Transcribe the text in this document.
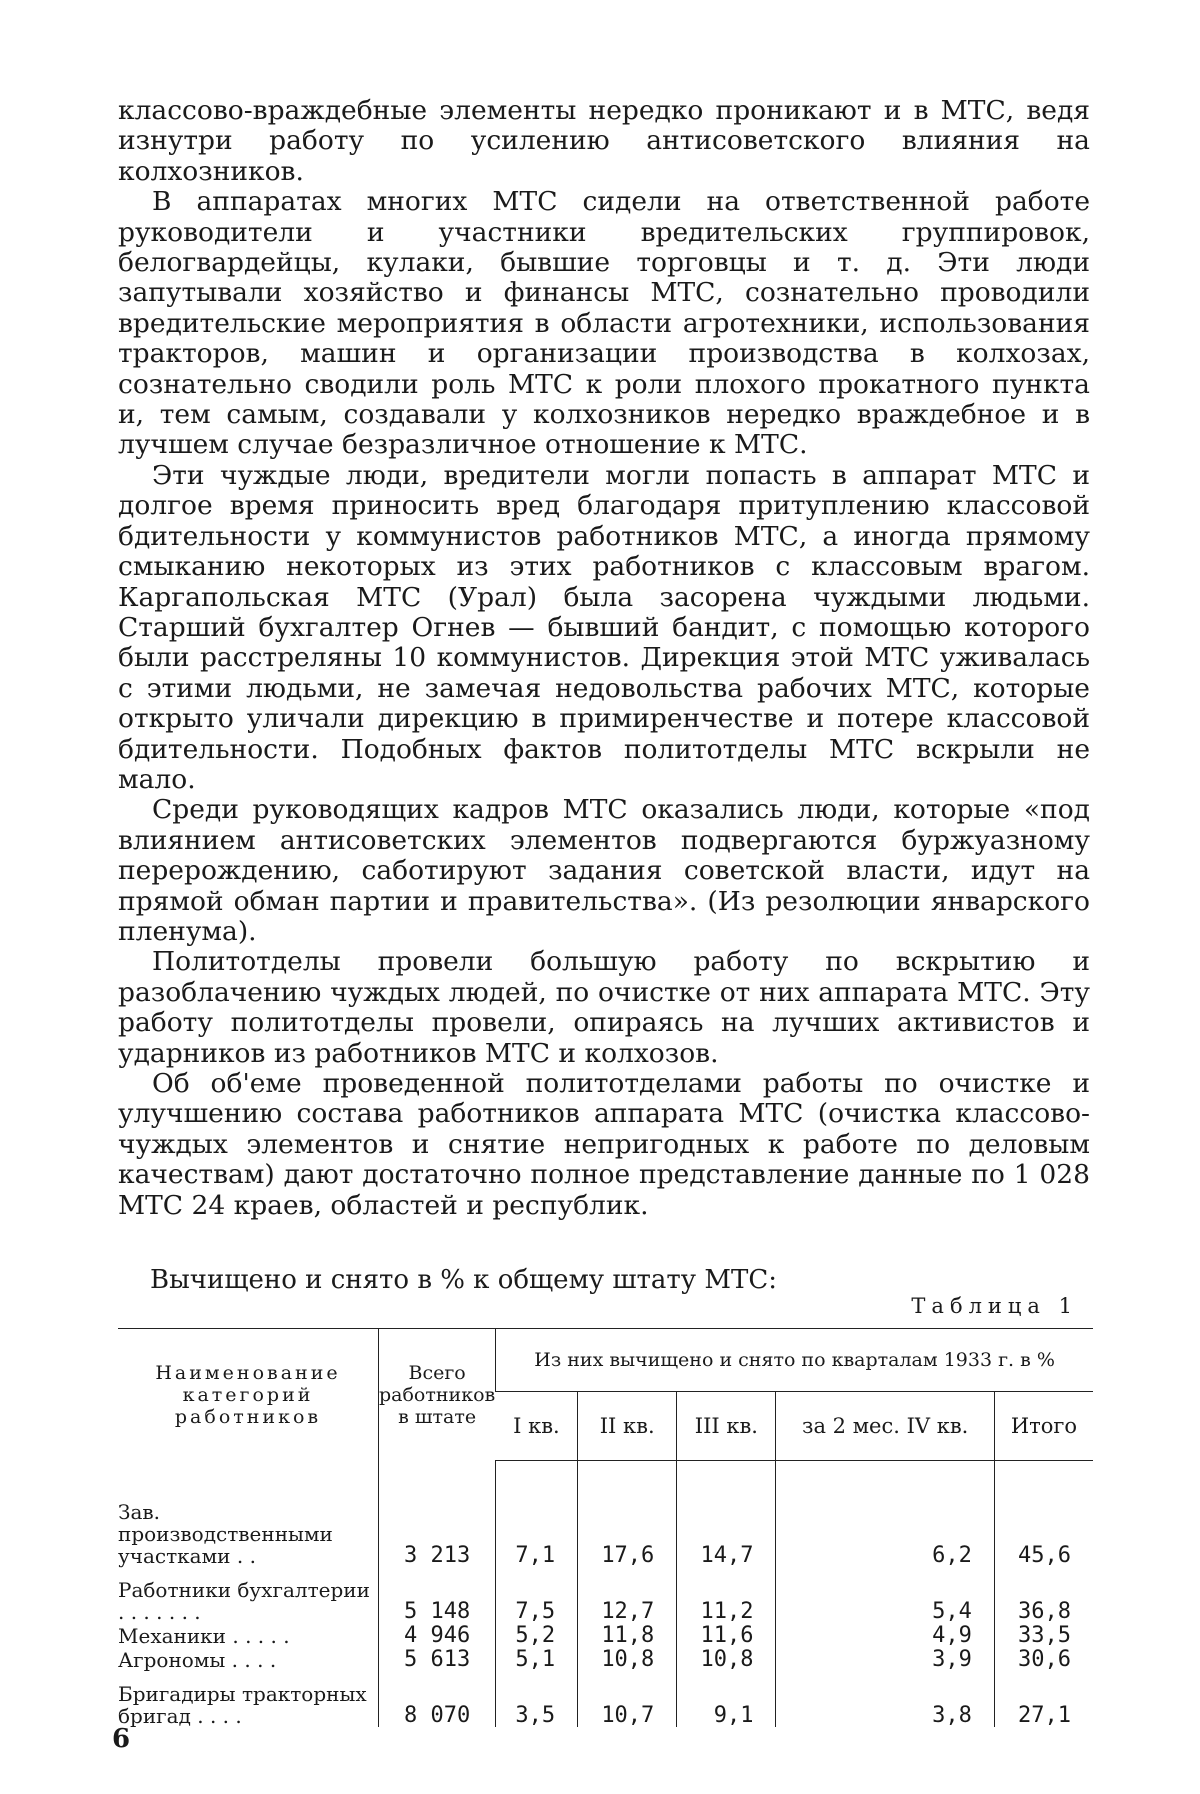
классово-враждебные элементы нередко проникают и в МТС, ведя изнутри работу по усилению антисоветского влияния на колхозников.

В аппаратах многих МТС сидели на ответственной работе руководители и участники вредительских группировок, белогвардейцы, кулаки, бывшие торговцы и т. д. Эти люди запутывали хозяйство и финансы МТС, сознательно проводили вредительские мероприятия в области агротехники, использования тракторов, машин и организации производства в колхозах, сознательно сводили роль МТС к роли плохого прокатного пункта и, тем самым, создавали у колхозников нередко враждебное и в лучшем случае безразличное отношение к МТС.

Эти чуждые люди, вредители могли попасть в аппарат МТС и долгое время приносить вред благодаря притуплению классовой бдительности у коммунистов работников МТС, а иногда прямому смыканию некоторых из этих работников с классовым врагом. Каргапольская МТС (Урал) была засорена чуждыми людьми. Старший бухгалтер Огнев — бывший бандит, с помощью которого были расстреляны 10 коммунистов. Дирекция этой МТС уживалась с этими людьми, не замечая недовольства рабочих МТС, которые открыто уличали дирекцию в примиренчестве и потере классовой бдительности. Подобных фактов политотделы МТС вскрыли не мало.

Среди руководящих кадров МТС оказались люди, которые «под влиянием антисоветских элементов подвергаются буржуазному перерождению, саботируют задания советской власти, идут на прямой обман партии и правительства». (Из резолюции январского пленума).

Политотделы провели большую работу по вскрытию и разоблачению чуждых людей, по очистке от них аппарата МТС. Эту работу политотделы провели, опираясь на лучших активистов и ударников из работников МТС и колхозов.

Об об'еме проведенной политотделами работы по очистке и улучшению состава работников аппарата МТС (очистка классово-чуждых элементов и снятие непригодных к работе по деловым качествам) дают достаточно полное представление данные по 1 028 МТС 24 краев, областей и республик.

Вычищено и снято в % к общему штату МТС:
Таблица 1
Наименование категорий работников	Всего работников в штате	Из них вычищено и снято по кварталам 1933 г. в %				
		I кв.	II кв.	III кв.	за 2 мес. IV кв.	Итого

Зав. производственными участками . .	3 213	7,1	17,6	14,7	6,2	45,6
Работники бухгалтерии . . . . . . .	5 148	7,5	12,7	11,2	5,4	36,8
Механики . . . . .	4 946	5,2	11,8	11,6	4,9	33,5
Агрономы . . . .	5 613	5,1	10,8	10,8	3,9	30,6
Бригадиры тракторных бригад . . . .	8 070	3,5	10,7	9,1	3,8	27,1
6
